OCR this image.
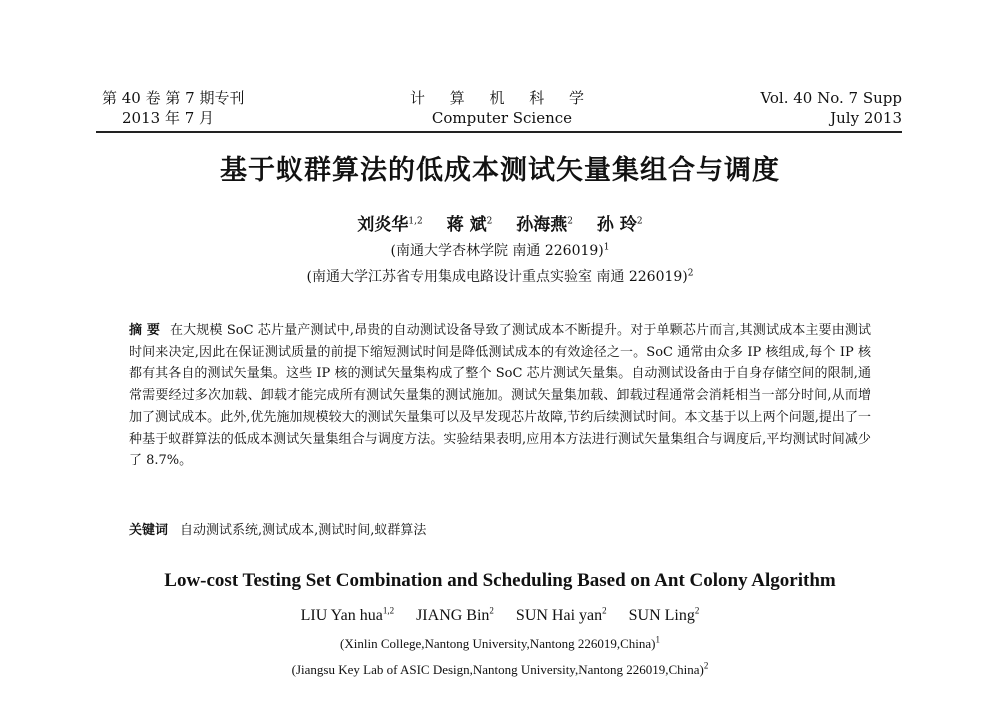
第 40 卷 第 7 期专刊
2013 年 7 月
计 算 机 科 学
Computer Science
Vol. 40 No. 7 Supp
July 2013
基于蚁群算法的低成本测试矢量集组合与调度
刘炎华$^{1,2}$ 蒋 斌$^2$ 孙海燕$^2$ 孙 玲$^2$
(南通大学杏林学院 南通 226019)$^1$
(南通大学江苏省专用集成电路设计重点实验室 南通 226019)$^2$
摘 要 在大规模 SoC 芯片量产测试中,昂贵的自动测试设备导致了测试成本不断提升。对于单颗芯片而言,其测试成本主要由测试时间来决定,因此在保证测试质量的前提下缩短测试时间是降低测试成本的有效途径之一。SoC 通常由众多 IP 核组成,每个 IP 核都有其各自的测试矢量集。这些 IP 核的测试矢量集构成了整个 SoC 芯片测试矢量集。自动测试设备由于自身存储空间的限制,通常需要经过多次加载、卸载才能完成所有测试矢量集的测试施加。测试矢量集加载、卸载过程通常会消耗相当一部分时间,从而增加了测试成本。此外,优先施加规模较大的测试矢量集可以及早发现芯片故障,节约后续测试时间。本文基于以上两个问题,提出了一种基于蚁群算法的低成本测试矢量集组合与调度方法。实验结果表明,应用本方法进行测试矢量集组合与调度后,平均测试时间减少了 8.7%。
关键词 自动测试系统,测试成本,测试时间,蚁群算法
Low-cost Testing Set Combination and Scheduling Based on Ant Colony Algorithm
LIU Yan hua$^{1,2}$ JIANG Bin$^2$ SUN Hai yan$^2$ SUN Ling$^2$
(Xinlin College,Nantong University,Nantong 226019,China)$^1$
(Jiangsu Key Lab of ASIC Design,Nantong University,Nantong 226019,China)$^2$
